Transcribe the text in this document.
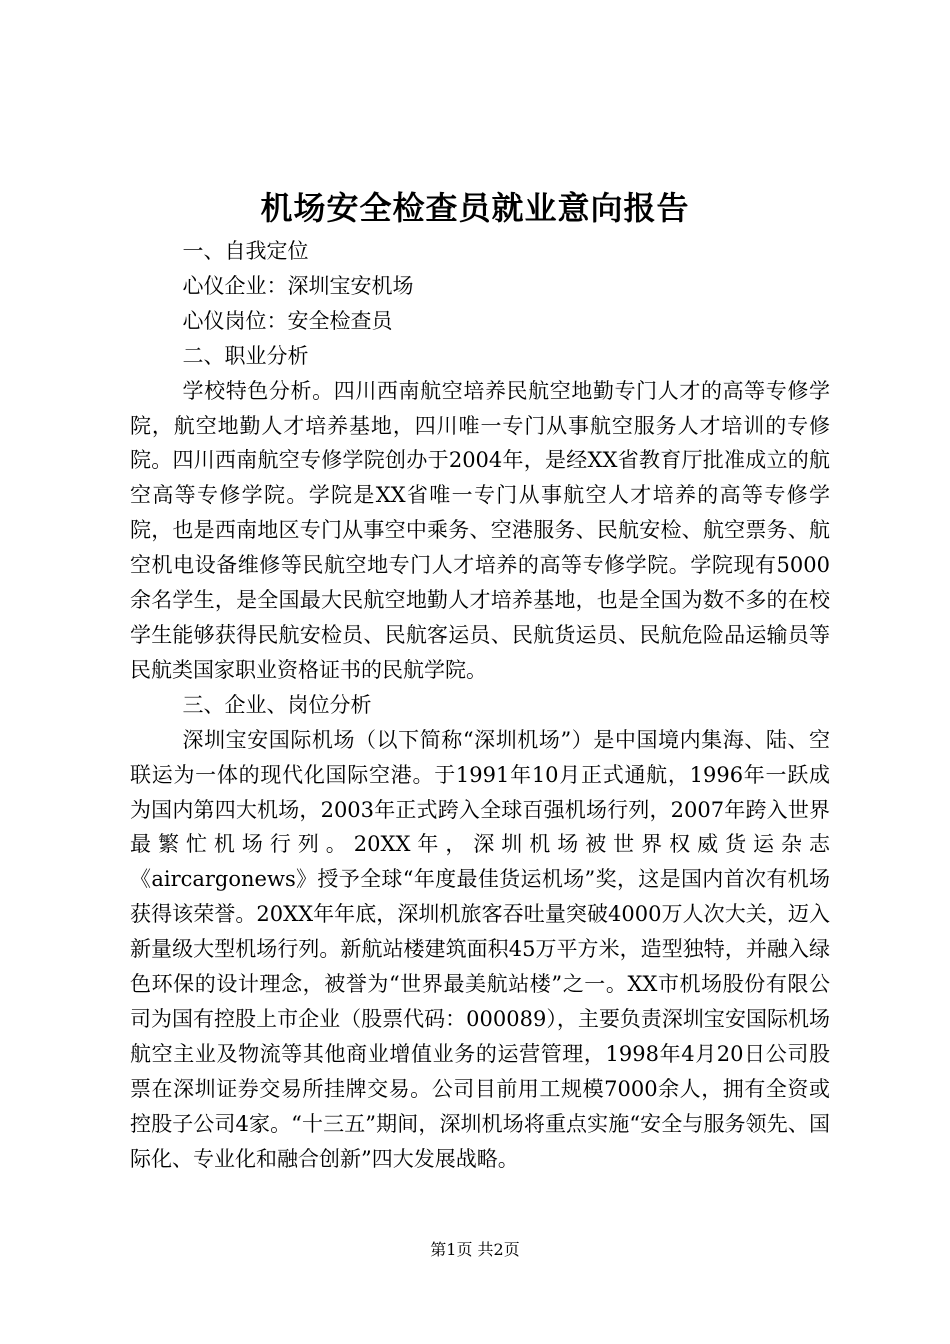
机场安全检查员就业意向报告

一、自我定位

心仪企业：深圳宝安机场

心仪岗位：安全检查员

二、职业分析

学校特色分析。四川西南航空培养民航空地勤专门人才的高等专修学院，航空地勤人才培养基地，四川唯一专门从事航空服务人才培训的专修院。四川西南航空专修学院创办于2004年，是经XX省教育厅批准成立的航空高等专修学院。学院是XX省唯一专门从事航空人才培养的高等专修学院，也是西南地区专门从事空中乘务、空港服务、民航安检、航空票务、航空机电设备维修等民航空地专门人才培养的高等专修学院。学院现有5000余名学生，是全国最大民航空地勤人才培养基地，也是全国为数不多的在校学生能够获得民航安检员、民航客运员、民航货运员、民航危险品运输员等民航类国家职业资格证书的民航学院。

三、企业、岗位分析

深圳宝安国际机场（以下简称“深圳机场”）是中国境内集海、陆、空联运为一体的现代化国际空港。于1991年10月正式通航，1996年一跃成为国内第四大机场，2003年正式跨入全球百强机场行列，2007年跨入世界最繁忙机场行列。20XX年，深圳机场被世界权威货运杂志《aircargonews》授予全球“年度最佳货运机场”奖，这是国内首次有机场获得该荣誉。20XX年年底，深圳机旅客吞吐量突破4000万人次大关，迈入新量级大型机场行列。新航站楼建筑面积45万平方米，造型独特，并融入绿色环保的设计理念，被誉为“世界最美航站楼”之一。XX市机场股份有限公司为国有控股上市企业（股票代码：000089），主要负责深圳宝安国际机场航空主业及物流等其他商业增值业务的运营管理，1998年4月20日公司股票在深圳证券交易所挂牌交易。公司目前用工规模7000余人，拥有全资或控股子公司4家。“十三五”期间，深圳机场将重点实施“安全与服务领先、国际化、专业化和融合创新”四大发展战略。

第1页 共2页
